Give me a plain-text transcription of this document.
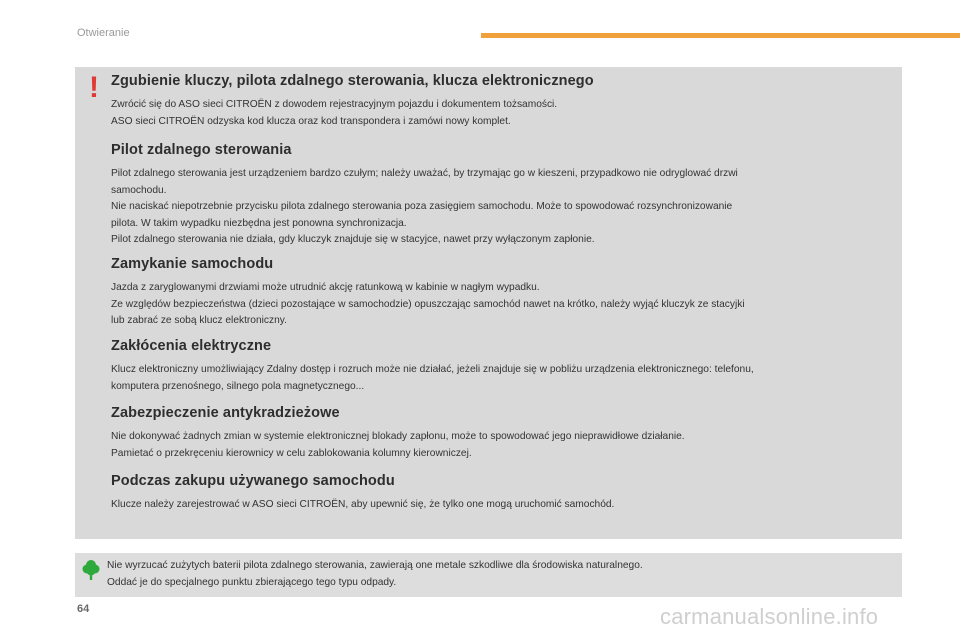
Otwieranie
! Zgubienie kluczy, pilota zdalnego sterowania, klucza elektronicznego

Zwrócić się do ASO sieci CITROËN z dowodem rejestracyjnym pojazdu i dokumentem tożsamości.
ASO sieci CITROËN odzyska kod klucza oraz kod transpondera i zamówi nowy komplet.

Pilot zdalnego sterowania

Pilot zdalnego sterowania jest urządzeniem bardzo czułym; należy uważać, by trzymając go w kieszeni, przypadkowo nie odryglować drzwi
samochodu.
Nie naciskać niepotrzebnie przycisku pilota zdalnego sterowania poza zasięgiem samochodu. Może to spowodować rozsynchronizowanie
pilota. W takim wypadku niezbędna jest ponowna synchronizacja.
Pilot zdalnego sterowania nie działa, gdy kluczyk znajduje się w stacyjce, nawet przy wyłączonym zapłonie.

Zamykanie samochodu

Jazda z zaryglowanymi drzwiami może utrudnić akcję ratunkową w kabinie w nagłym wypadku.
Ze względów bezpieczeństwa (dzieci pozostające w samochodzie) opuszczając samochód nawet na krótko, należy wyjąć kluczyk ze stacyjki
lub zabrać ze sobą klucz elektroniczny.

Zakłócenia elektryczne

Klucz elektroniczny umożliwiający Zdalny dostęp i rozruch może nie działać, jeżeli znajduje się w pobliżu urządzenia elektronicznego: telefonu,
komputera przenośnego, silnego pola magnetycznego...

Zabezpieczenie antykradzieżowe

Nie dokonywać żadnych zmian w systemie elektronicznej blokady zapłonu, może to spowodować jego nieprawidłowe działanie.
Pamietać o przekręceniu kierownicy w celu zablokowania kolumny kierowniczej.

Podczas zakupu używanego samochodu

Klucze należy zarejestrować w ASO sieci CITROËN, aby upewnić się, że tylko one mogą uruchomić samochód.

Nie wyrzucać zużytych baterii pilota zdalnego sterowania, zawierają one metale szkodliwe dla środowiska naturalnego.
Oddać je do specjalnego punktu zbierającego tego typu odpady.

64	carmanualsonline.info
